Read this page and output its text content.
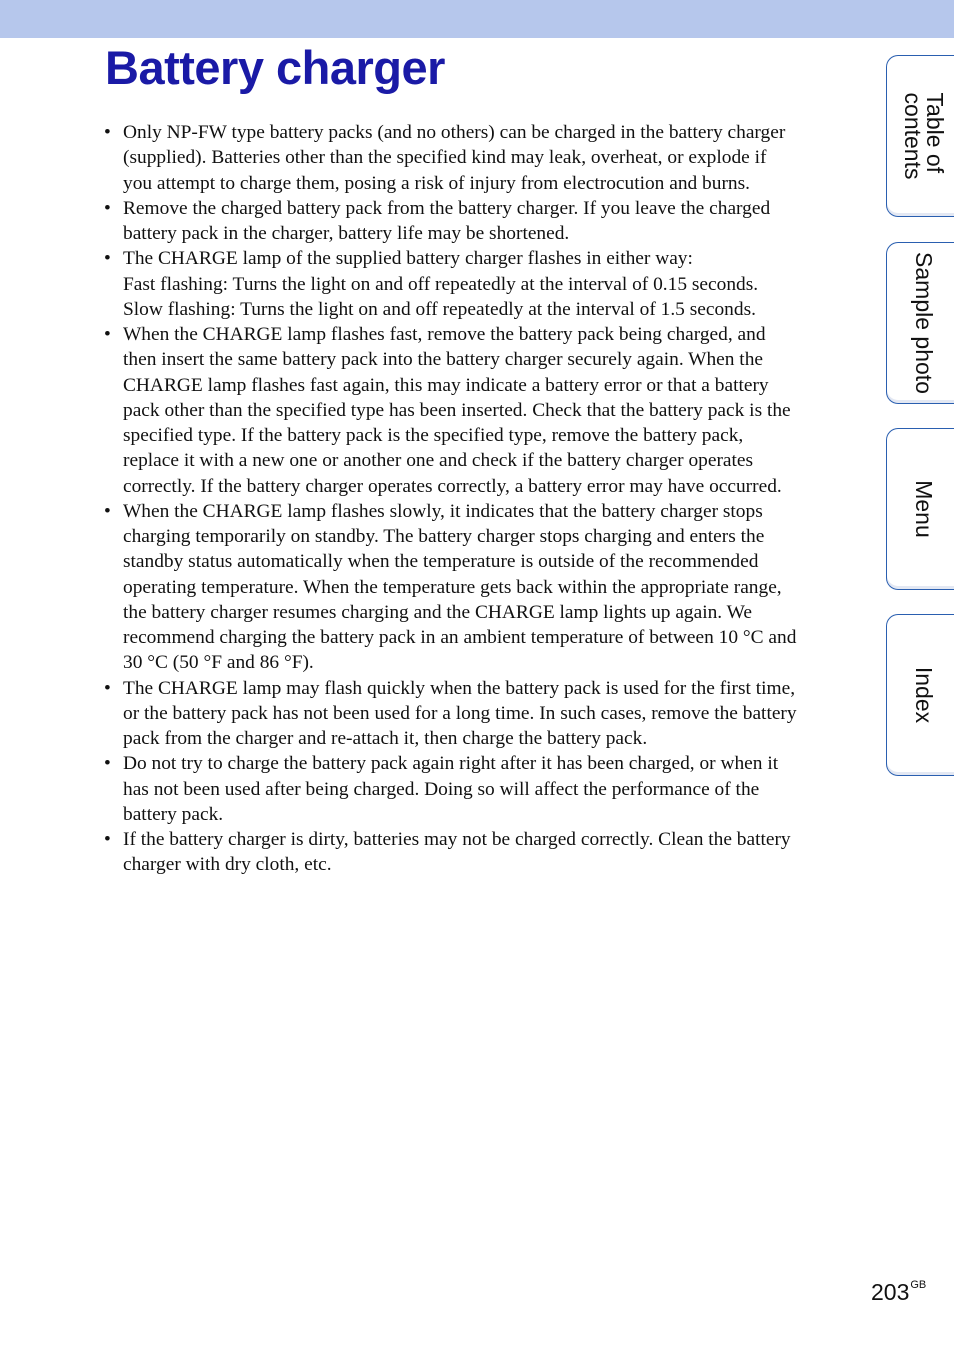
Battery charger
• Only NP-FW type battery packs (and no others) can be charged in the battery charger
(supplied). Batteries other than the specified kind may leak, overheat, or explode if
you attempt to charge them, posing a risk of injury from electrocution and burns.
• Remove the charged battery pack from the battery charger. If you leave the charged
battery pack in the charger, battery life may be shortened.
• The CHARGE lamp of the supplied battery charger flashes in either way:
Fast flashing: Turns the light on and off repeatedly at the interval of 0.15 seconds.
Slow flashing: Turns the light on and off repeatedly at the interval of 1.5 seconds.
• When the CHARGE lamp flashes fast, remove the battery pack being charged, and
then insert the same battery pack into the battery charger securely again. When the
CHARGE lamp flashes fast again, this may indicate a battery error or that a battery
pack other than the specified type has been inserted. Check that the battery pack is the
specified type. If the battery pack is the specified type, remove the battery pack,
replace it with a new one or another one and check if the battery charger operates
correctly. If the battery charger operates correctly, a battery error may have occurred.
• When the CHARGE lamp flashes slowly, it indicates that the battery charger stops
charging temporarily on standby. The battery charger stops charging and enters the
standby status automatically when the temperature is outside of the recommended
operating temperature. When the temperature gets back within the appropriate range,
the battery charger resumes charging and the CHARGE lamp lights up again. We
recommend charging the battery pack in an ambient temperature of between 10 °C and
30 °C (50 °F and 86 °F).
• The CHARGE lamp may flash quickly when the battery pack is used for the first time,
or the battery pack has not been used for a long time. In such cases, remove the battery
pack from the charger and re-attach it, then charge the battery pack.
• Do not try to charge the battery pack again right after it has been charged, or when it
has not been used after being charged. Doing so will affect the performance of the
battery pack.
• If the battery charger is dirty, batteries may not be charged correctly. Clean the battery
charger with dry cloth, etc.
Table of
contents
Sample photo
Menu
Index
$203^{GB}$
